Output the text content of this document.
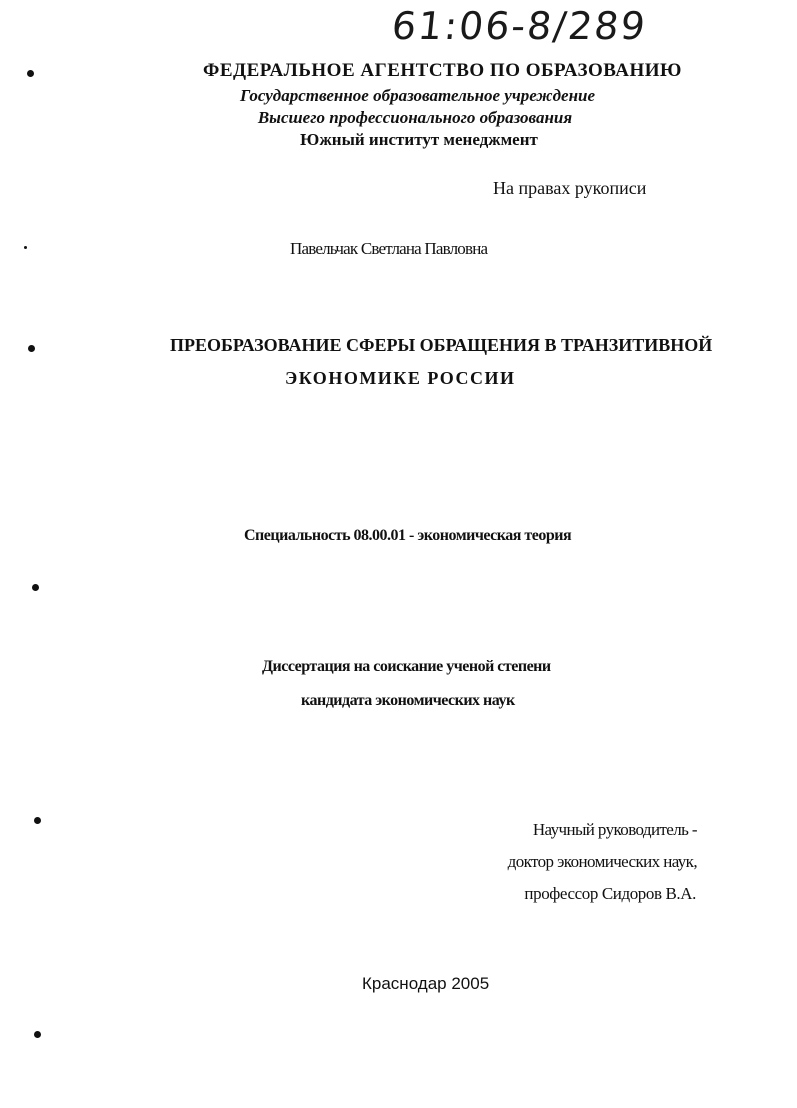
61:06-8/289
ФЕДЕРАЛЬНОЕ АГЕНТСТВО ПО ОБРАЗОВАНИЮ
Государственное образовательное учреждение
Высшего профессионального образования
Южный институт менеджмент
На правах рукописи
Павельчак Светлана Павловна
ПРЕОБРАЗОВАНИЕ СФЕРЫ ОБРАЩЕНИЯ В ТРАНЗИТИВНОЙ
ЭКОНОМИКЕ РОССИИ
Специальность 08.00.01 - экономическая теория
Диссертация на соискание ученой степени
кандидата экономических наук
Научный руководитель -
доктор экономических наук,
профессор Сидоров В.А.
Краснодар 2005
